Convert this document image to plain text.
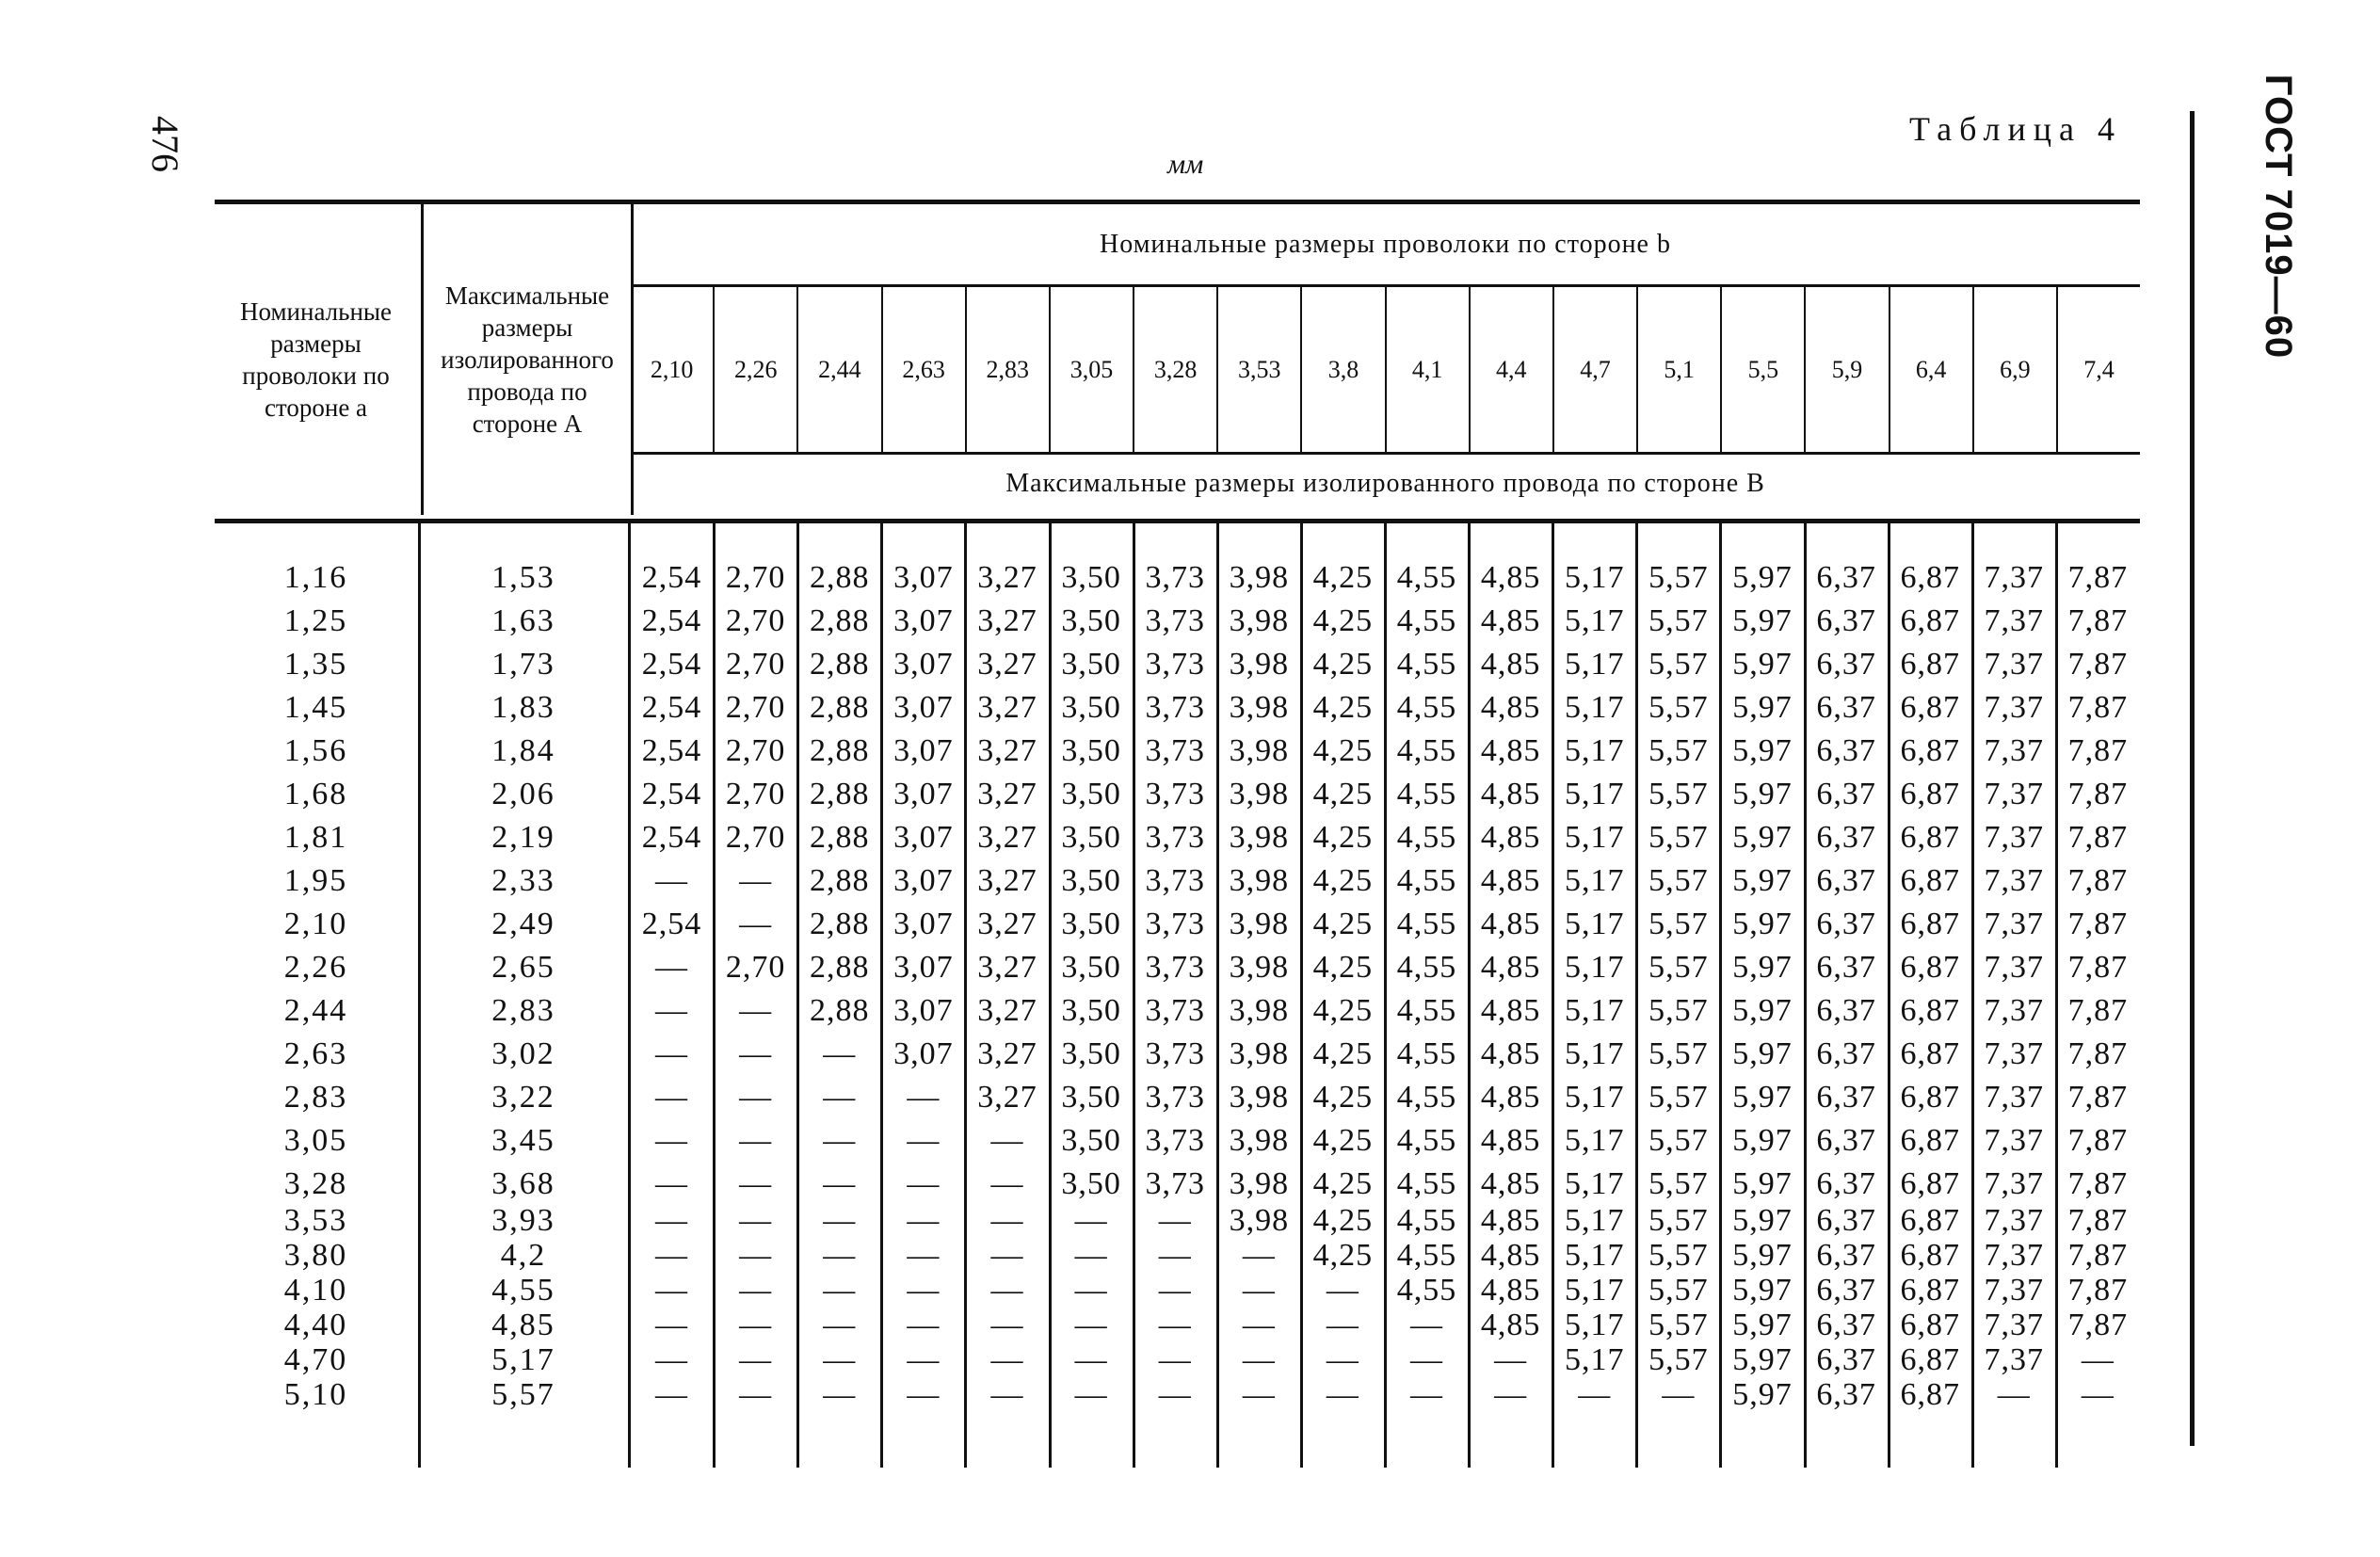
476	ГОСТ 7019—60
Таблица 4
мм
Номинальные размеры проволоки по стороне a
Максимальные размеры изолированного провода по стороне A
Номинальные размеры проволоки по стороне b
2,10	2,26	2,44	2,63	2,83	3,05	3,28	3,53	3,8	4,1	4,4	4,7	5,1	5,5	5,9	6,4	6,9	7,4
Максимальные размеры изолированного провода по стороне B
1,16	1,53	2,54 2,70 2,88 3,07 3,27 3,50 3,73 3,98 4,25 4,55 4,85 5,17 5,57 5,97 6,37 6,87 7,37 7,87
1,25	1,63	2,54 2,70 2,88 3,07 3,27 3,50 3,73 3,98 4,25 4,55 4,85 5,17 5,57 5,97 6,37 6,87 7,37 7,87
1,35	1,73	2,54 2,70 2,88 3,07 3,27 3,50 3,73 3,98 4,25 4,55 4,85 5,17 5,57 5,97 6,37 6,87 7,37 7,87
1,45	1,83	2,54 2,70 2,88 3,07 3,27 3,50 3,73 3,98 4,25 4,55 4,85 5,17 5,57 5,97 6,37 6,87 7,37 7,87
1,56	1,84	2,54 2,70 2,88 3,07 3,27 3,50 3,73 3,98 4,25 4,55 4,85 5,17 5,57 5,97 6,37 6,87 7,37 7,87
1,68	2,06	2,54 2,70 2,88 3,07 3,27 3,50 3,73 3,98 4,25 4,55 4,85 5,17 5,57 5,97 6,37 6,87 7,37 7,87
1,81	2,19	2,54 2,70 2,88 3,07 3,27 3,50 3,73 3,98 4,25 4,55 4,85 5,17 5,57 5,97 6,37 6,87 7,37 7,87
1,95	2,33	—	—	2,88 3,07 3,27 3,50 3,73 3,98 4,25 4,55 4,85 5,17 5,57 5,97 6,37 6,87 7,37 7,87
2,10	2,49	2,54	—	2,88 3,07 3,27 3,50 3,73 3,98 4,25 4,55 4,85 5,17 5,57 5,97 6,37 6,87 7,37 7,87
2,26	2,65	—	2,70 2,88 3,07 3,27 3,50 3,73 3,98 4,25 4,55 4,85 5,17 5,57 5,97 6,37 6,87 7,37 7,87
2,44	2,83	—	—	2,88 3,07 3,27 3,50 3,73 3,98 4,25 4,55 4,85 5,17 5,57 5,97 6,37 6,87 7,37 7,87
2,63	3,02	—	—	—	3,07 3,27 3,50 3,73 3,98 4,25 4,55 4,85 5,17 5,57 5,97 6,37 6,87 7,37 7,87
2,83	3,22	—	—	—	—	3,27 3,50 3,73 3,98 4,25 4,55 4,85 5,17 5,57 5,97 6,37 6,87 7,37 7,87
3,05	3,45	—	—	—	—	—	3,50 3,73 3,98 4,25 4,55 4,85 5,17 5,57 5,97 6,37 6,87 7,37 7,87
3,28	3,68	—	—	—	—	—	3,50 3,73 3,98 4,25 4,55 4,85 5,17 5,57 5,97 6,37 6,87 7,37 7,87
3,53	3,93	—	—	—	—	—	—	—	3,98 4,25 4,55 4,85 5,17 5,57 5,97 6,37 6,87 7,37 7,87
3,80	4,2	—	—	—	—	—	—	—	—	4,25 4,55 4,85 5,17 5,57 5,97 6,37 6,87 7,37 7,87
4,10	4,55	—	—	—	—	—	—	—	—	—	4,55 4,85 5,17 5,57 5,97 6,37 6,87 7,37 7,87
4,40	4,85	—	—	—	—	—	—	—	—	—	—	4,85 5,17 5,57 5,97 6,37 6,87 7,37 7,87
4,70	5,17	—	—	—	—	—	—	—	—	—	—	—	5,17 5,57 5,97 6,37 6,87 7,37	—
5,10	5,57	—	—	—	—	—	—	—	—	—	—	—	—	—	5,97 6,37 6,87	—	—
